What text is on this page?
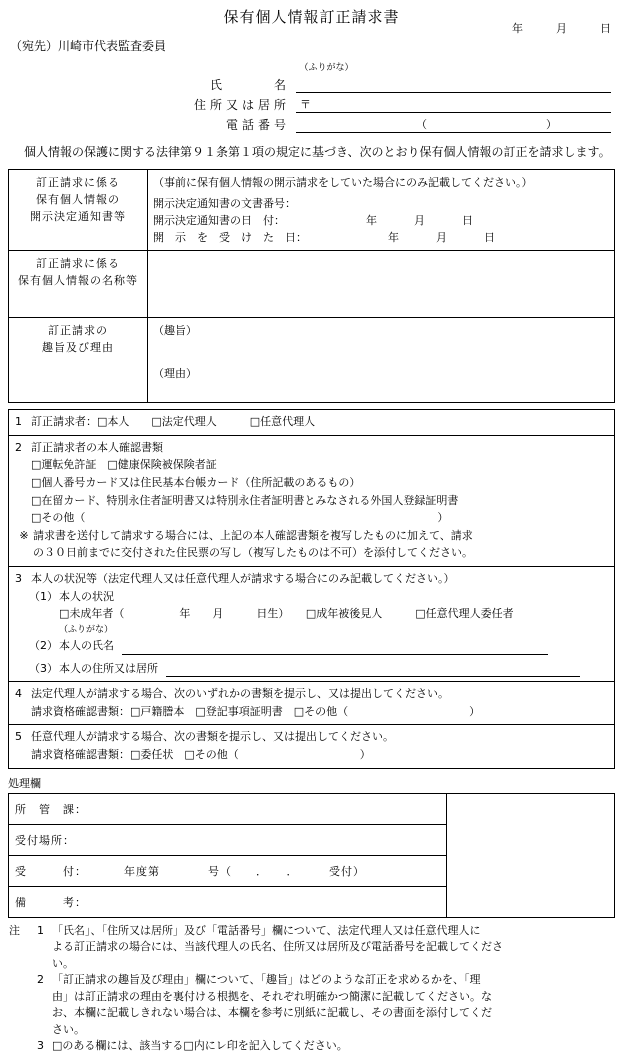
年	月	日
保有個人情報訂正請求書
（宛先）川崎市代表監査委員
（ふりがな）
氏　　　名
住所又は居所 〒
電話番号	（	）
個人情報の保護に関する法律第９１条第１項の規定に基づき、次のとおり保有個人情報の訂正を請求します。
訂正請求に係る
保有個人情報の
開示決定通知書等

（事前に保有個人情報の開示請求をしていた場合にのみ記載してください。）
開示決定通知書の文書番号：
開示決定通知書の日　付：	年	月	日
開　示　を　受　け　た　日：	年	月	日

訂正請求に係る
保有個人情報の名称等	

訂正請求の
趣旨及び理由

（趣旨）
（理由）
1 訂正請求者：□本人　　□法定代理人　　　□任意代理人
2 訂正請求者の本人確認書類
□運転免許証　□健康保険被保険者証
□個人番号カード又は住民基本台帳カード（住所記載のあるもの）
□在留カード、特別永住者証明書又は特別永住者証明書とみなされる外国人登録証明書
□その他（　　　　　　　　　　　　　　　　　　　　　　　　　　　　　　　　）
※ 請求書を送付して請求する場合には、上記の本人確認書類を複写したものに加えて、請求
の３０日前までに交付された住民票の写し（複写したものは不可）を添付してください。

3 本人の状況等（法定代理人又は任意代理人が請求する場合にのみ記載してください。）
（1） 本人の状況
□未成年者（　　　　　年　　月　　　日生）　　□成年被後見人　　　□任意代理人委任者
（ふりがな）
（2） 本人の氏名
（3） 本人の住所又は居所

4 法定代理人が請求する場合、次のいずれかの書類を提示し、又は提出してください。
請求資格確認書類：□戸籍謄本　□登記事項証明書　□その他（　　　　　　　　　　　）

5 任意代理人が請求する場合、次の書類を提示し、又は提出してください。
請求資格確認書類：□委任状　□その他（　　　　　　　　　　　）
処理欄
所　管　課：	
受付場所：
受　　　付：	年度第　　　　号（　　．　　．　　　受付）
備　　　考：
注 1 「氏名」、「住所又は居所」及び「電話番号」欄について、法定代理人又は任意代理人に
よる訂正請求の場合には、当該代理人の氏名、住所又は居所及び電話番号を記載してくださ
い。
2 「訂正請求の趣旨及び理由」欄について、「趣旨」はどのような訂正を求めるかを、「理
由」は訂正請求の理由を裏付ける根拠を、それぞれ明確かつ簡潔に記載してください。な
お、本欄に記載しきれない場合は、本欄を参考に別紙に記載し、その書面を添付してくだ
さい。
3 □のある欄には、該当する□内にレ印を記入してください。
